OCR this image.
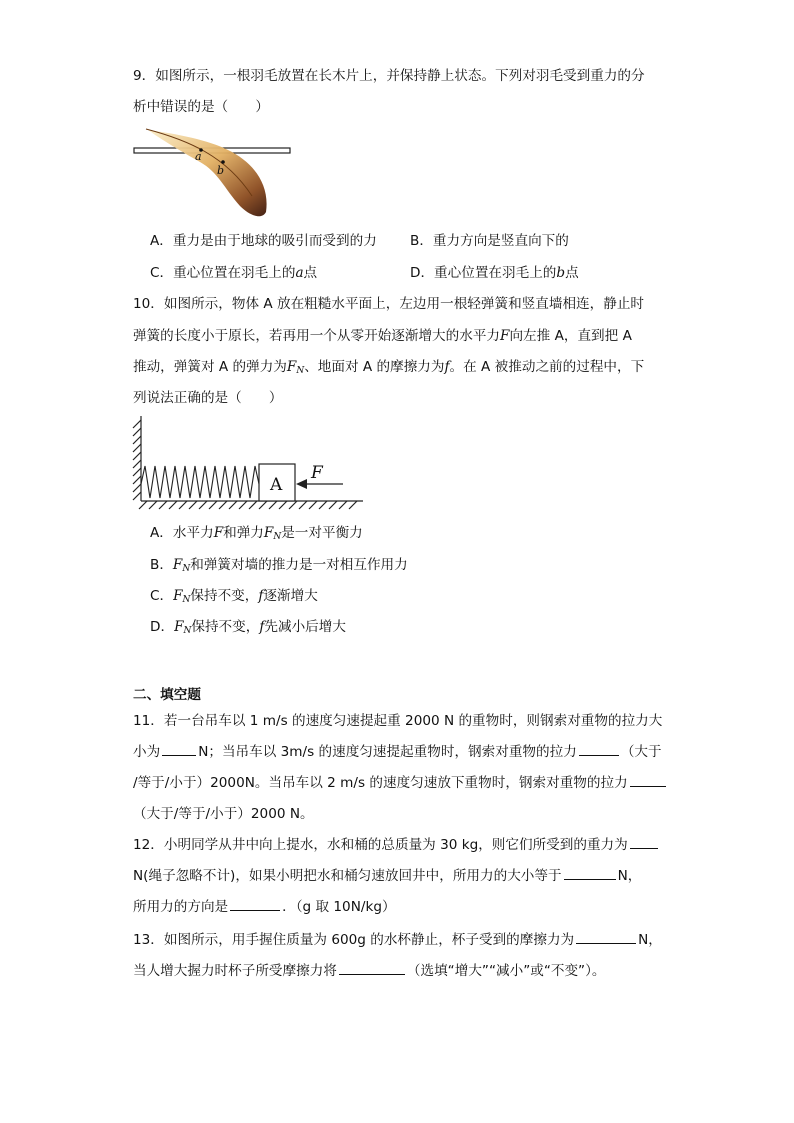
9．如图所示，一根羽毛放置在长木片上，并保持静上状态。下列对羽毛受到重力的分
析中错误的是（　　）
a
b
A．重力是由于地球的吸引而受到的力 B．重力方向是竖直向下的
C．重心位置在羽毛上的a点	D．重心位置在羽毛上的b点
10．如图所示，物体 A 放在粗糙水平面上，左边用一根轻弹簧和竖直墙相连，静止时
弹簧的长度小于原长，若再用一个从零开始逐渐增大的水平力F向左推 A，直到把 A
推动，弹簧对 A 的弹力为$F_N$、地面对 A 的摩擦力为f。在 A 被推动之前的过程中，下
列说法正确的是（　　）
A
F
A．水平力F和弹力$F_N$是一对平衡力
B．$F_N$和弹簧对墙的推力是一对相互作用力
C．$F_N$保持不变，f逐渐增大
D．$F_N$保持不变，f先减小后增大
二、填空题
11．若一台吊车以 1 m/s 的速度匀速提起重 2000 N 的重物时，则钢索对重物的拉力大
小为	N；当吊车以 3m/s 的速度匀速提起重物时，钢索对重物的拉力	（大于
/等于/小于）2000N。当吊车以 2 m/s 的速度匀速放下重物时，钢索对重物的拉力
（大于/等于/小于）2000 N。
12．小明同学从井中向上提水，水和桶的总质量为 30 kg，则它们所受到的重力为
N(绳子忽略不计)，如果小明把水和桶匀速放回井中，所用力的大小等于	N，
所用力的方向是	．（g 取 10N/kg）
13．如图所示，用手握住质量为 600g 的水杯静止，杯子受到的摩擦力为	N，
当人增大握力时杯子所受摩擦力将	（选填“增大”“减小”或“不变”）。
